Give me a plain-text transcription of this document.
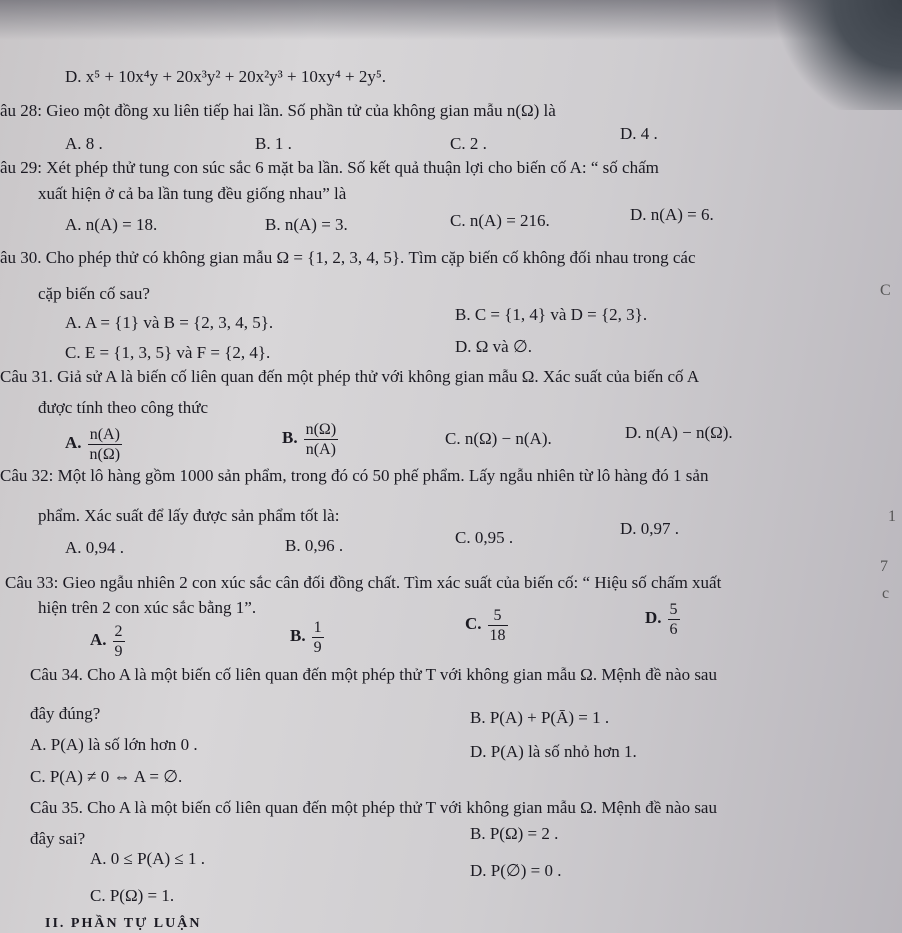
D. x⁵ + 10x⁴y + 20x³y² + 20x²y³ + 10xy⁴ + 2y⁵.
âu 28: Gieo một đồng xu liên tiếp hai lần. Số phần tử của không gian mẫu n(Ω) là
A. 8 .	B. 1 .	C. 2 .
D. 4 .
âu 29: Xét phép thử tung con súc sắc 6 mặt ba lần. Số kết quả thuận lợi cho biến cố A: “ số chấm
xuất hiện ở cả ba lần tung đều giống nhau” là
A. n(A) = 18.	B. n(A) = 3.	C. n(A) = 216.	D. n(A) = 6.
âu 30. Cho phép thử có không gian mẫu Ω = {1, 2, 3, 4, 5}. Tìm cặp biến cố không đối nhau trong các
cặp biến cố sau?
A. A = {1} và B = {2, 3, 4, 5}.	B. C = {1, 4} và D = {2, 3}.
C. E = {1, 3, 5} và F = {2, 4}.	D. Ω và ∅.
Câu 31. Giả sử A là biến cố liên quan đến một phép thử với không gian mẫu Ω. Xác suất của biến cố A
được tính theo công thức
A. $\frac{n(A)}{n(\Omega)}$	B. $\frac{n(\Omega)}{n(A)}$	C. n(Ω) − n(A).	D. n(A) − n(Ω).
Câu 32: Một lô hàng gồm 1000 sản phẩm, trong đó có 50 phế phẩm. Lấy ngẫu nhiên từ lô hàng đó 1 sản
phẩm. Xác suất để lấy được sản phẩm tốt là:
A. 0,94 .	B. 0,96 .	C. 0,95 .	D. 0,97 .
Câu 33: Gieo ngẫu nhiên 2 con xúc sắc cân đối đồng chất. Tìm xác suất của biến cố: “ Hiệu số chấm xuất
hiện trên 2 con xúc sắc bằng 1”.
A. $\frac{2}{9}$	B. $\frac{1}{9}$	C. $\frac{5}{18}$	D. $\frac{5}{6}$
Câu 34. Cho A là một biến cố liên quan đến một phép thử T với không gian mẫu Ω. Mệnh đề nào sau
đây đúng?	B. P(A) + P(Ā) = 1 .
A. P(A) là số lớn hơn 0 .	D. P(A) là số nhỏ hơn 1.
C. P(A) ≠ 0 ⇔ A = ∅.
Câu 35. Cho A là một biến cố liên quan đến một phép thử T với không gian mẫu Ω. Mệnh đề nào sau
đây sai?	B. P(Ω) = 2 .
A. 0 ≤ P(A) ≤ 1 .
D. P(∅) = 0 .
C. P(Ω) = 1.
II. PHẦN TỰ LUẬN
C
1
7
c
